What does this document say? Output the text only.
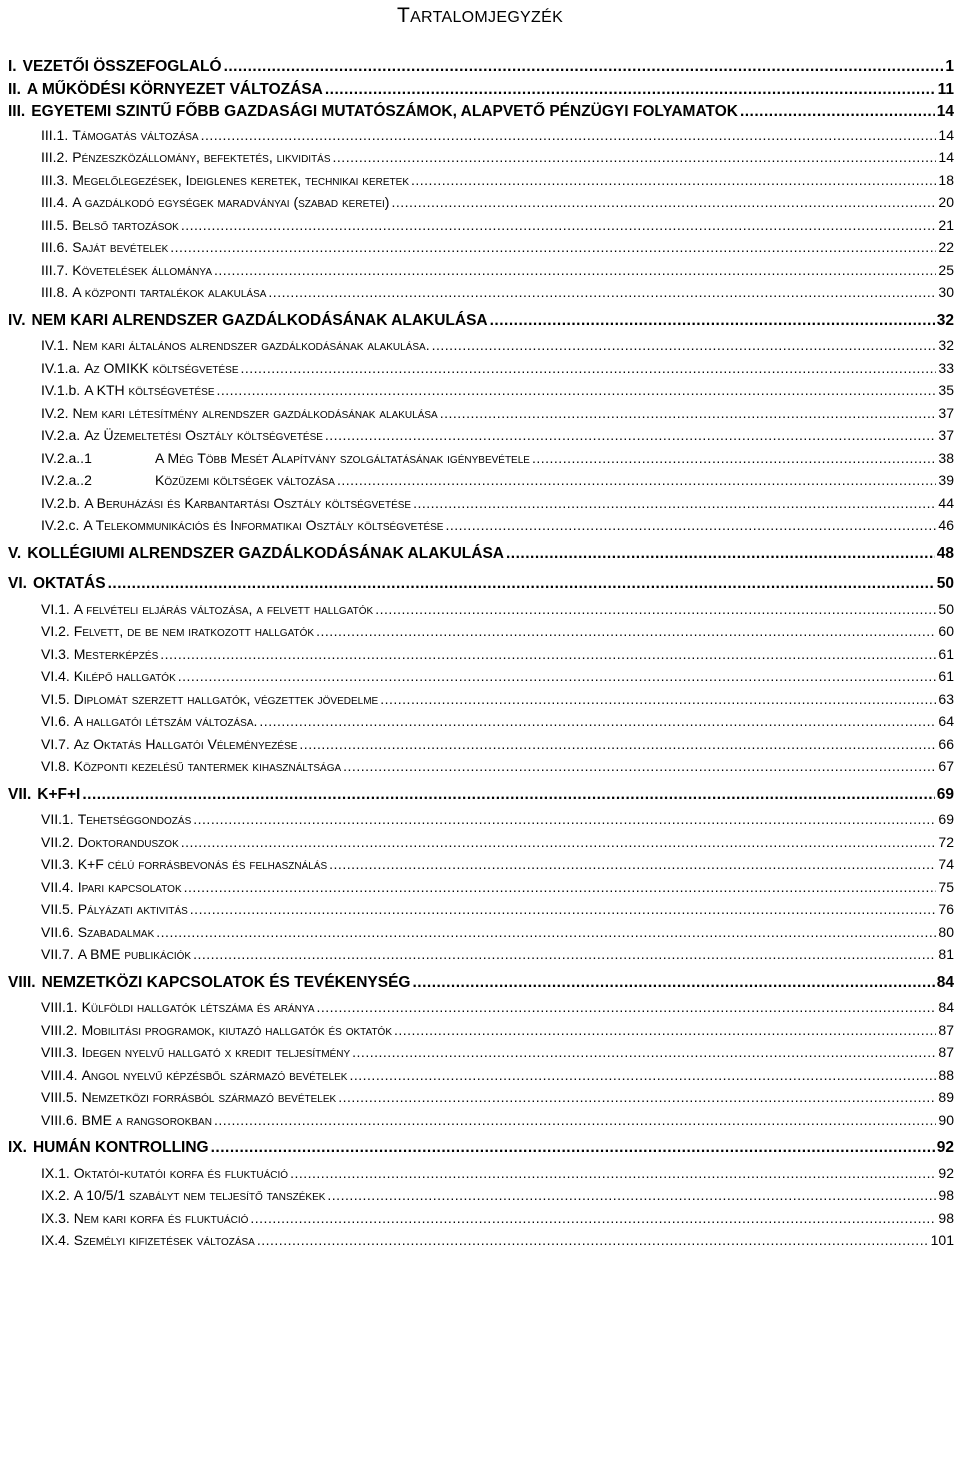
TARTALOMJEGYZÉK
I. VEZETŐI ÖSSZEFOGLALÓ .....	1
II. A MŰKÖDÉSI KÖRNYEZET VÁLTOZÁSA .....	11
III. EGYETEMI SZINTŰ FŐBB GAZDASÁGI MUTATÓSZÁMOK, ALAPVETŐ PÉNZÜGYI FOLYAMATOK .....	14
III.1. Támogatás változása .....	14
III.2. Pénzeszközállomány, befektetés, likviditás .....	14
III.3. Megelőlegezések, Ideiglenes keretek, technikai keretek .....	18
III.4. A gazdálkodó egységek maradványai (szabad keretei) .....	20
III.5. Belső tartozások .....	21
III.6. Saját bevételek .....	22
III.7. Követelések állománya .....	25
III.8. A központi tartalékok alakulása .....	30
IV. NEM KARI ALRENDSZER GAZDÁLKODÁSÁNAK ALAKULÁSA .....	32
IV.1. Nem kari általános alrendszer gazdálkodásának alakulása. .....	32
IV.1.a. Az OMIKK költségvetése .....	33
IV.1.b. A KTH költségvetése .....	35
IV.2. Nem kari létesítmény alrendszer gazdálkodásának alakulása .....	37
IV.2.a. Az Üzemeltetési Osztály költségvetése .....	37
IV.2.a..1	A Még Több Mesét Alapítvány szolgáltatásának igénybevétele .....	38
IV.2.a..2	Közüzemi költségek változása .....	39
IV.2.b. A Beruházási és Karbantartási Osztály költségvetése .....	44
IV.2.c. A Telekommunikációs és Informatikai Osztály költségvetése .....	46
V. KOLLÉGIUMI ALRENDSZER GAZDÁLKODÁSÁNAK ALAKULÁSA .....	48
VI. OKTATÁS .....	50
VI.1. A felvételi eljárás változása, a felvett hallgatók .....	50
VI.2. Felvett, de be nem iratkozott hallgatók .....	60
VI.3. Mesterképzés .....	61
VI.4. Kilépő hallgatók .....	61
VI.5. Diplomát szerzett hallgatók, végzettek jövedelme .....	63
VI.6. A hallgatói létszám változása. .....	64
VI.7. Az Oktatás Hallgatói Véleményezése .....	66
VI.8. Központi kezelésű tantermek kihasználtsága .....	67
VII. K+F+I .....	69
VII.1. Tehetséggondozás .....	69
VII.2. Doktoranduszok .....	72
VII.3. K+F célú forrásbevonás és felhasználás .....	74
VII.4. Ipari kapcsolatok .....	75
VII.5. Pályázati aktivitás .....	76
VII.6. Szabadalmak .....	80
VII.7. A BME publikációk .....	81
VIII. NEMZETKÖZI KAPCSOLATOK ÉS TEVÉKENYSÉG .....	84
VIII.1. Külföldi hallgatók létszáma és aránya .....	84
VIII.2. Mobilitási programok, kiutazó hallgatók és oktatók .....	87
VIII.3. Idegen nyelvű hallgató x kredit teljesítmény .....	87
VIII.4. Angol nyelvű képzésből származó bevételek .....	88
VIII.5. Nemzetközi forrásból származó bevételek .....	89
VIII.6. BME a rangsorokban .....	90
IX. HUMÁN KONTROLLING .....	92
IX.1. Oktatói-kutatói korfa és fluktuáció .....	92
IX.2. A 10/5/1 szabályt nem teljesítő tanszékek .....	98
IX.3. Nem kari korfa és fluktuáció .....	98
IX.4. Személyi kifizetések változása .....	101
